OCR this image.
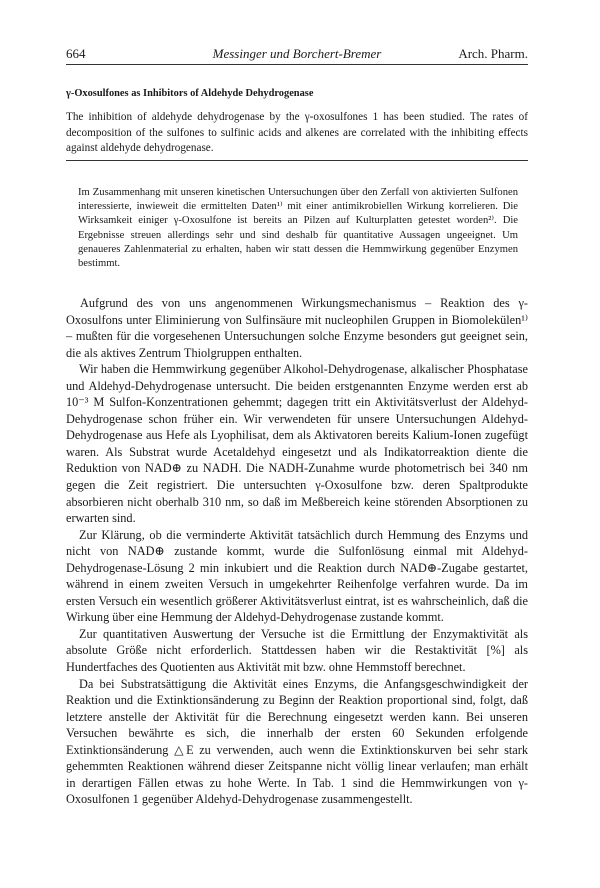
664	Messinger und Borchert-Bremer	Arch. Pharm.
γ-Oxosulfones as Inhibitors of Aldehyde Dehydrogenase

The inhibition of aldehyde dehydrogenase by the γ-oxosulfones 1 has been studied. The rates of decomposition of the sulfones to sulfinic acids and alkenes are correlated with the inhibiting effects against aldehyde dehydrogenase.

Im Zusammenhang mit unseren kinetischen Untersuchungen über den Zerfall von aktivierten Sulfonen interessierte, inwieweit die ermittelten Daten¹⁾ mit einer antimikrobiellen Wirkung korrelieren. Die Wirksamkeit einiger γ-Oxosulfone ist bereits an Pilzen auf Kulturplatten getestet worden²⁾. Die Ergebnisse streuen allerdings sehr und sind deshalb für quantitative Aussagen ungeeignet. Um genaueres Zahlenmaterial zu erhalten, haben wir statt dessen die Hemmwirkung gegenüber Enzymen bestimmt.

Aufgrund des von uns angenommenen Wirkungsmechanismus – Reaktion des γ-Oxosulfons unter Eliminierung von Sulfinsäure mit nucleophilen Gruppen in Biomolekülen¹⁾ – mußten für die vorgesehenen Untersuchungen solche Enzyme besonders gut geeignet sein, die als aktives Zentrum Thiolgruppen enthalten.

Wir haben die Hemmwirkung gegenüber Alkohol-Dehydrogenase, alkalischer Phosphatase und Aldehyd-Dehydrogenase untersucht. Die beiden erstgenannten Enzyme werden erst ab 10⁻³ M Sulfon-Konzentrationen gehemmt; dagegen tritt ein Aktivitätsverlust der Aldehyd-Dehydrogenase schon früher ein. Wir verwendeten für unsere Untersuchungen Aldehyd-Dehydrogenase aus Hefe als Lyophilisat, dem als Aktivatoren bereits Kalium-Ionen zugefügt waren. Als Substrat wurde Acetaldehyd eingesetzt und als Indikatorreaktion diente die Reduktion von NAD⊕ zu NADH. Die NADH-Zunahme wurde photometrisch bei 340 nm gegen die Zeit registriert. Die untersuchten γ-Oxosulfone bzw. deren Spaltprodukte absorbieren nicht oberhalb 310 nm, so daß im Meßbereich keine störenden Absorptionen zu erwarten sind.

Zur Klärung, ob die verminderte Aktivität tatsächlich durch Hemmung des Enzyms und nicht von NAD⊕ zustande kommt, wurde die Sulfonlösung einmal mit Aldehyd-Dehydrogenase-Lösung 2 min inkubiert und die Reaktion durch NAD⊕-Zugabe gestartet, während in einem zweiten Versuch in umgekehrter Reihenfolge verfahren wurde. Da im ersten Versuch ein wesentlich größerer Aktivitätsverlust eintrat, ist es wahrscheinlich, daß die Wirkung über eine Hemmung der Aldehyd-Dehydrogenase zustande kommt.

Zur quantitativen Auswertung der Versuche ist die Ermittlung der Enzymaktivität als absolute Größe nicht erforderlich. Stattdessen haben wir die Restaktivität [%] als Hundertfaches des Quotienten aus Aktivität mit bzw. ohne Hemmstoff berechnet.

Da bei Substratsättigung die Aktivität eines Enzyms, die Anfangsgeschwindigkeit der Reaktion und die Extinktionsänderung zu Beginn der Reaktion proportional sind, folgt, daß letztere anstelle der Aktivität für die Berechnung eingesetzt werden kann. Bei unseren Versuchen bewährte es sich, die innerhalb der ersten 60 Sekunden erfolgende Extinktionsänderung △E zu verwenden, auch wenn die Extinktionskurven bei sehr stark gehemmten Reaktionen während dieser Zeitspanne nicht völlig linear verlaufen; man erhält in derartigen Fällen etwas zu hohe Werte. In Tab. 1 sind die Hemmwirkungen von γ-Oxosulfonen 1 gegenüber Aldehyd-Dehydrogenase zusammengestellt.
